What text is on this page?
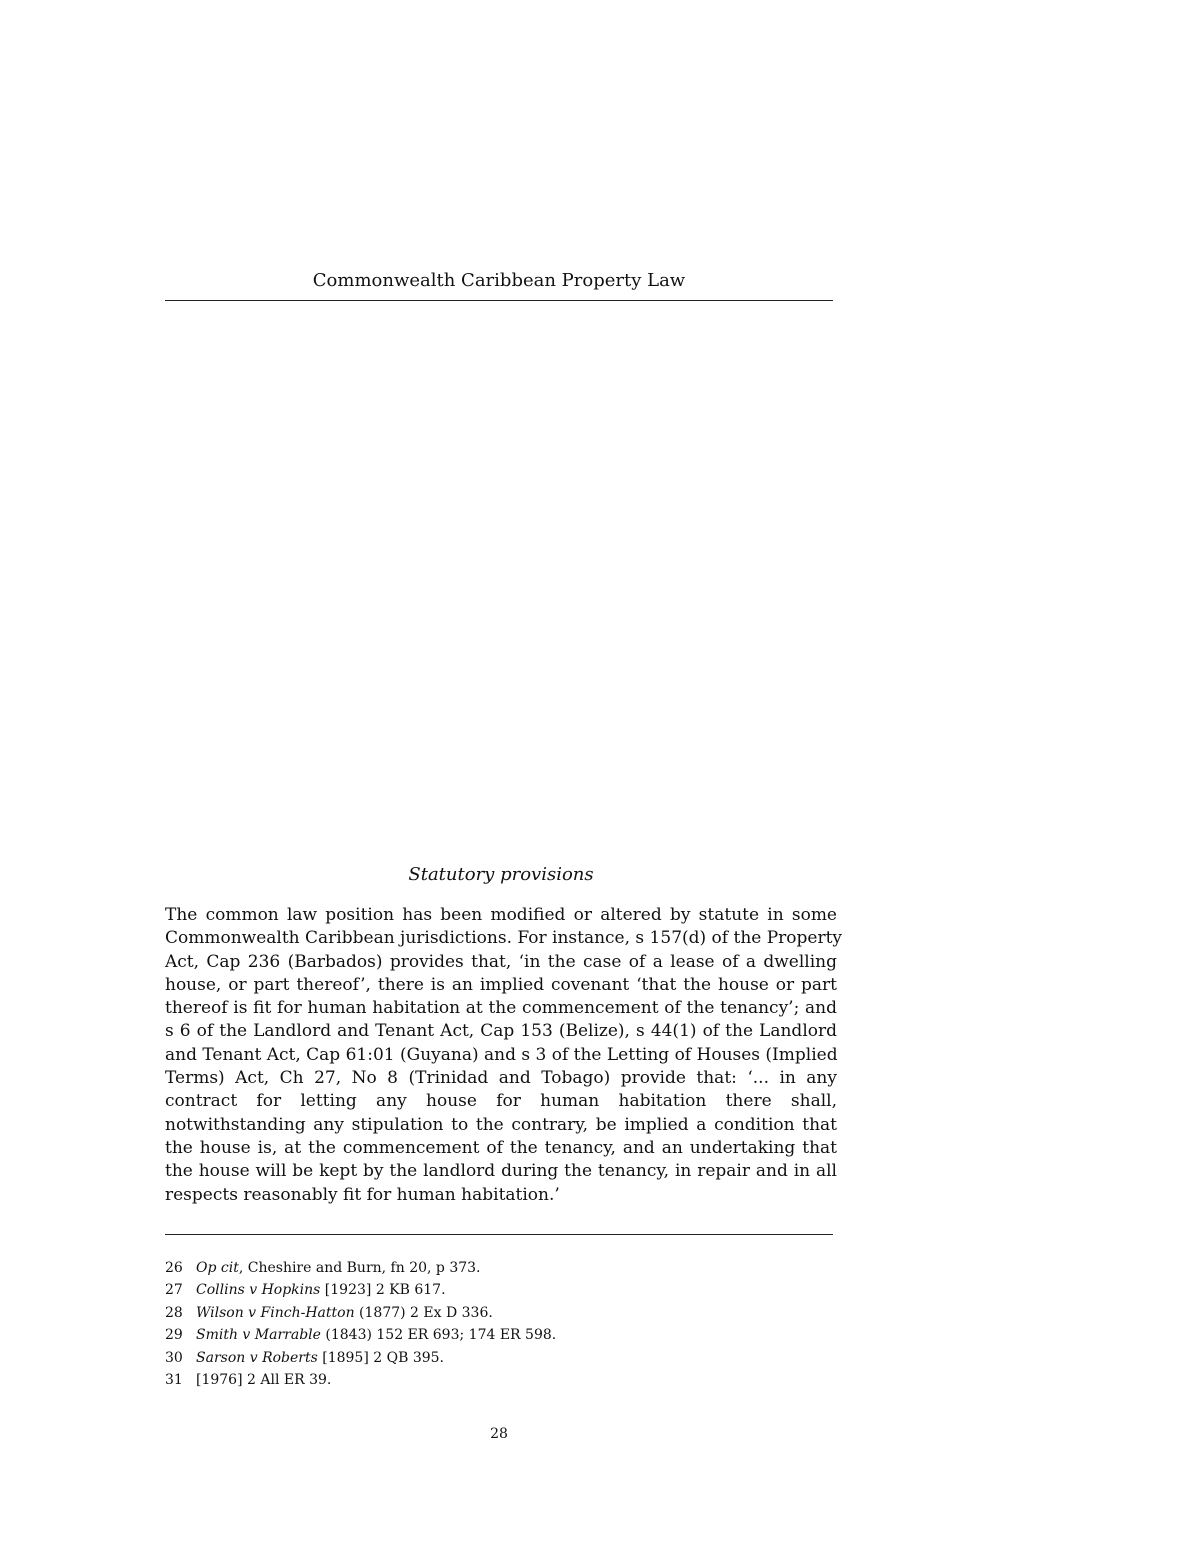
Commonwealth Caribbean Property Law
Statutory provisions

The common law position has been modified or altered by statute in some
Commonwealth Caribbean jurisdictions. For instance, s 157(d) of the Property
Act, Cap 236 (Barbados) provides that, ‘in the case of a lease of a dwelling
house, or part thereof’, there is an implied covenant ‘that the house or part
thereof is fit for human habitation at the commencement of the tenancy’; and
s 6 of the Landlord and Tenant Act, Cap 153 (Belize), s 44(1) of the Landlord
and Tenant Act, Cap 61:01 (Guyana) and s 3 of the Letting of Houses (Implied
Terms) Act, Ch 27, No 8 (Trinidad and Tobago) provide that: ‘... in any
contract for letting any house for human habitation there shall,
notwithstanding any stipulation to the contrary, be implied a condition that
the house is, at the commencement of the tenancy, and an undertaking that
the house will be kept by the landlord during the tenancy, in repair and in all
respects reasonably fit for human habitation.’

26 Op cit, Cheshire and Burn, fn 20, p 373.
27 Collins v Hopkins [1923] 2 KB 617.
28 Wilson v Finch-Hatton (1877) 2 Ex D 336.
29 Smith v Marrable (1843) 152 ER 693; 174 ER 598.
30 Sarson v Roberts [1895] 2 QB 395.
31 [1976] 2 All ER 39.
28
